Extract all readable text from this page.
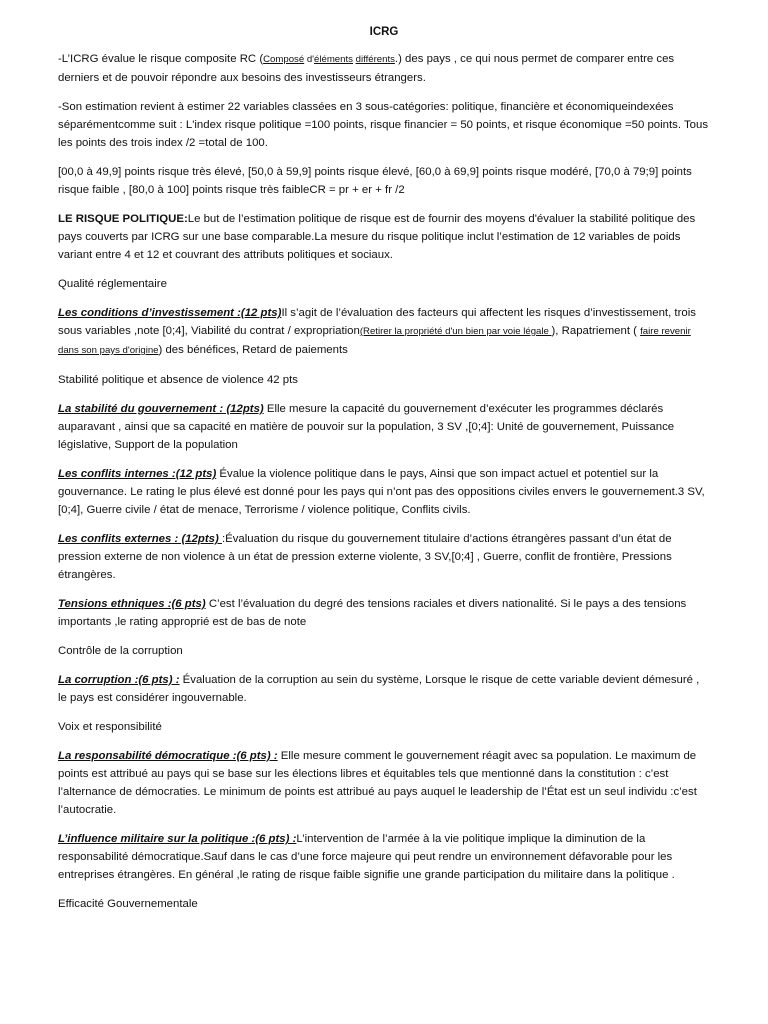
ICRG

-L’ICRG évalue le risque composite RC (Composé d'éléments différents.) des pays , ce qui nous permet de comparer entre ces derniers et de pouvoir répondre aux besoins des investisseurs étrangers.

-Son estimation revient à estimer 22 variables classées en 3 sous-catégories: politique, financière et économiqueindexées séparémentcomme suit : L'index risque politique =100 points, risque financier = 50 points, et risque économique =50 points. Tous les points des trois index /2 =total de 100.

[00,0 à 49,9] points risque très élevé, [50,0 à 59,9] points risque élevé, [60,0 à 69,9] points risque modéré, [70,0 à 79;9] points risque faible , [80,0 à 100] points risque très faibleCR = pr + er + fr /2

LE RISQUE POLITIQUE:Le but de l’estimation politique de risque est de fournir des moyens d'évaluer la stabilité politique des pays couverts par ICRG sur une base comparable.La mesure du risque politique inclut l’estimation de 12 variables de poids variant entre 4 et 12 et couvrant des attributs politiques et sociaux.

Qualité réglementaire

Les conditions d’investissement :(12 pts)Il s’agit de l’évaluation des facteurs qui affectent les risques d’investissement, trois sous variables ,note [0;4], Viabilité du contrat / expropriation(Retirer la propriété d'un bien par voie légale ), Rapatriement ( faire revenir dans son pays d'origine) des bénéfices, Retard de paiements

Stabilité politique et absence de violence 42 pts

La stabilité du gouvernement : (12pts) Elle mesure la capacité du gouvernement d’exécuter les programmes déclarés auparavant , ainsi que sa capacité en matière de pouvoir sur la population, 3 SV ,[0;4]: Unité de gouvernement, Puissance législative, Support de la population

Les conflits internes :(12 pts) Évalue la violence politique dans le pays, Ainsi que son impact actuel et potentiel sur la gouvernance. Le rating le plus élevé est donné pour les pays qui n’ont pas des oppositions civiles envers le gouvernement.3 SV,[0;4], Guerre civile / état de menace, Terrorisme / violence politique, Conflits civils.

Les conflits externes : (12pts) :Évaluation du risque du gouvernement titulaire d’actions étrangères passant d’un état de pression externe de non violence à un état de pression externe violente, 3 SV,[0;4] , Guerre, conflit de frontière, Pressions étrangères.

Tensions ethniques :(6 pts) C’est l’évaluation du degré des tensions raciales et divers nationalité. Si le pays a des tensions importants ,le rating approprié est de bas de note

Contrôle de la corruption

La corruption :(6 pts) : Évaluation de la corruption au sein du système, Lorsque le risque de cette variable devient démesuré , le pays est considérer ingouvernable.

Voix et responsibilité

La responsabilité démocratique :(6 pts) : Elle mesure comment le gouvernement réagit avec sa population. Le maximum de points est attribué au pays qui se base sur les élections libres et équitables tels que mentionné dans la constitution : c’est l’alternance de démocraties. Le minimum de points est attribué au pays auquel le leadership de l’État est un seul individu :c’est l’autocratie.

L’influence militaire sur la politique :(6 pts) :L’intervention de l’armée à la vie politique implique la diminution de la responsabilité démocratique.Sauf dans le cas d’une force majeure qui peut rendre un environnement défavorable pour les entreprises étrangères. En général ,le rating de risque faible signifie une grande participation du militaire dans la politique .

Efficacité Gouvernementale
